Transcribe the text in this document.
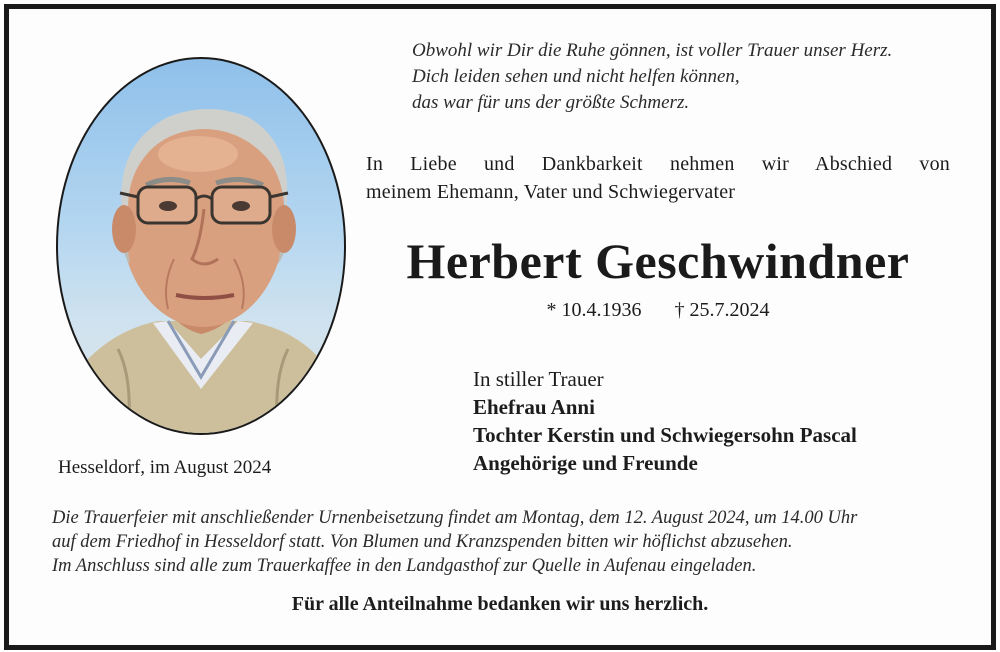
Obwohl wir Dir die Ruhe gönnen, ist voller Trauer unser Herz.
Dich leiden sehen und nicht helfen können,
das war für uns der größte Schmerz.
In Liebe und Dankbarkeit nehmen wir Abschied von
meinem Ehemann, Vater und Schwiegervater
Herbert Geschwindner
* 10.4.1936 † 25.7.2024
In stiller Trauer
Ehefrau Anni
Tochter Kerstin und Schwiegersohn Pascal
Angehörige und Freunde
Hesseldorf, im August 2024
Die Trauerfeier mit anschließender Urnenbeisetzung findet am Montag, dem 12. August 2024, um 14.00 Uhr
auf dem Friedhof in Hesseldorf statt. Von Blumen und Kranzspenden bitten wir höflichst abzusehen.
Im Anschluss sind alle zum Trauerkaffee in den Landgasthof zur Quelle in Aufenau eingeladen.
Für alle Anteilnahme bedanken wir uns herzlich.
